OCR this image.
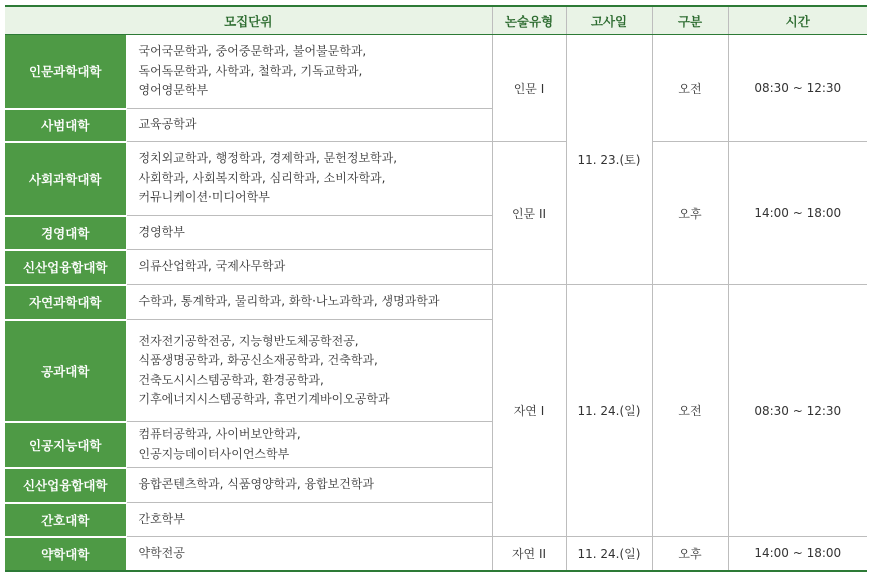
모집단위		논술유형	고사일	구분	시간
인문과학대학	국어국문학과, 중어중문학과, 불어불문학과,
독어독문학과, 사학과, 철학과, 기독교학과,
영어영문학부	인문 I	11. 23.(토)	오전	08:30 ~ 12:30
사범대학	교육공학과				

사회과학대학	정치외교학과, 행정학과, 경제학과, 문헌정보학과,
사회학과, 사회복지학과, 심리학과, 소비자학과,
커뮤니케이션·미디어학부	인문 II		오후	14:00 ~ 18:00
경영대학	경영학부				

신산업융합대학	의류산업학과, 국제사무학과				

자연과학대학	수학과, 통계학과, 물리학과, 화학·나노과학과, 생명과학과	자연 I	11. 24.(일)	오전	08:30 ~ 12:30
공과대학	전자전기공학전공, 지능형반도체공학전공,
식품생명공학과, 화공신소재공학과, 건축학과,
건축도시시스템공학과, 환경공학과,
기후에너지시스템공학과, 휴먼기계바이오공학과				

인공지능대학	컴퓨터공학과, 사이버보안학과,
인공지능데이터사이언스학부				

신산업융합대학	융합콘텐츠학과, 식품영양학과, 융합보건학과				

간호대학	간호학부				

약학대학	약학전공	자연 II	11. 24.(일)	오후	14:00 ~ 18:00
